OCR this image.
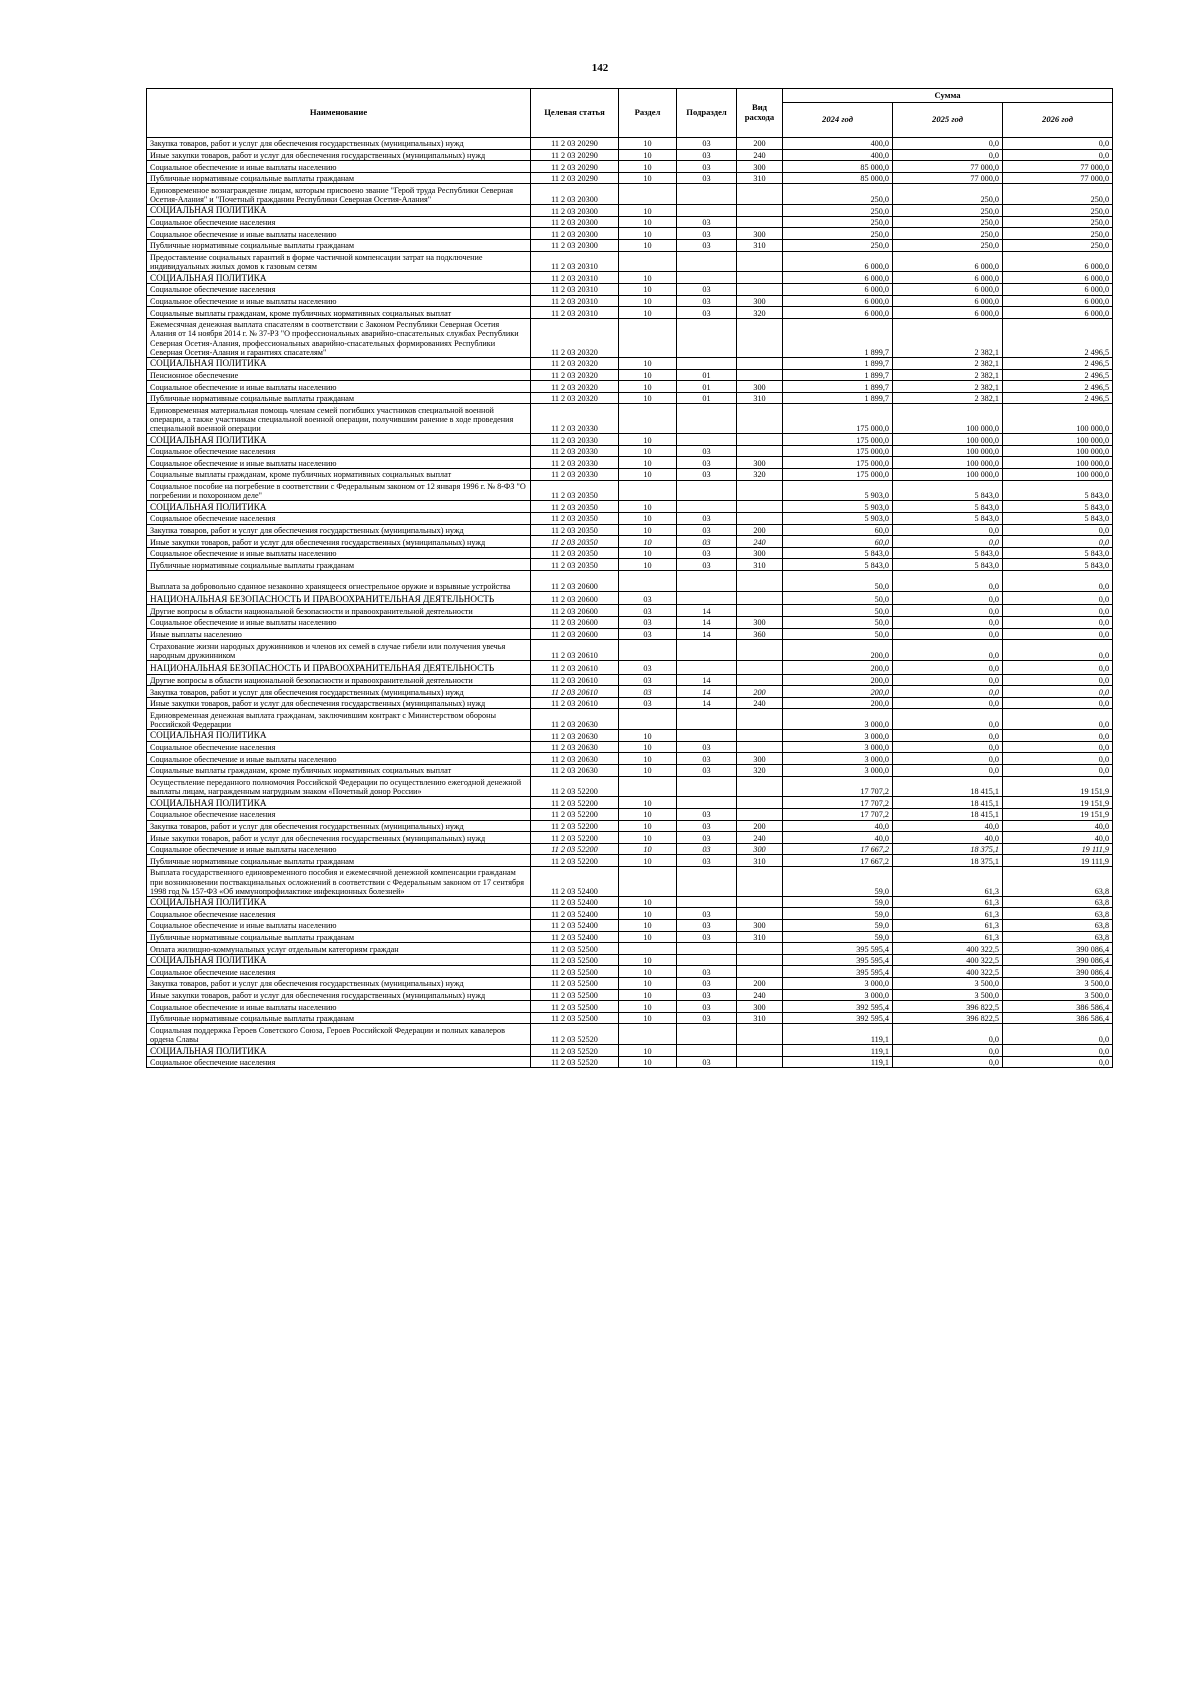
142
Наименование	Целевая статья	Раздел	Подраздел	Вид расхода	Сумма		
					2024 год	2025 год	2026 год
Закупка товаров, работ и услуг для обеспечения государственных (муниципальных) нужд	11 2 03 20290	10	03	200	400,0	0,0	0,0
Иные закупки товаров, работ и услуг для обеспечения государственных (муниципальных) нужд	11 2 03 20290	10	03	240	400,0	0,0	0,0
Социальное обеспечение и иные выплаты населению	11 2 03 20290	10	03	300	85 000,0	77 000,0	77 000,0
Публичные нормативные социальные выплаты гражданам	11 2 03 20290	10	03	310	85 000,0	77 000,0	77 000,0
Единовременное вознаграждение лицам, которым присвоено звание "Герой труда Республики Северная Осетия-Алания" и "Почетный гражданин Республики Северная Осетия-Алания"	11 2 03 20300				250,0	250,0	250,0
СОЦИАЛЬНАЯ ПОЛИТИКА	11 2 03 20300	10			250,0	250,0	250,0
Социальное обеспечение населения	11 2 03 20300	10	03		250,0	250,0	250,0
Социальное обеспечение и иные выплаты населению	11 2 03 20300	10	03	300	250,0	250,0	250,0
Публичные нормативные социальные выплаты гражданам	11 2 03 20300	10	03	310	250,0	250,0	250,0
Предоставление социальных гарантий в форме частичной компенсации затрат на подключение индивидуальных жилых домов к газовым сетям	11 2 03 20310				6 000,0	6 000,0	6 000,0
СОЦИАЛЬНАЯ ПОЛИТИКА	11 2 03 20310	10			6 000,0	6 000,0	6 000,0
Социальное обеспечение населения	11 2 03 20310	10	03		6 000,0	6 000,0	6 000,0
Социальное обеспечение и иные выплаты населению	11 2 03 20310	10	03	300	6 000,0	6 000,0	6 000,0
Социальные выплаты гражданам, кроме публичных нормативных социальных выплат	11 2 03 20310	10	03	320	6 000,0	6 000,0	6 000,0
Ежемесячная денежная выплата спасателям в соответствии с Законом Республики Северная Осетия Алания от 14 ноября 2014 г. № 37-РЗ "О профессиональных аварийно-спасательных службах Республики Северная Осетия-Алания, профессиональных аварийно-спасательных формированиях Республики Северная Осетия-Алания и гарантиях спасателям"	11 2 03 20320				1 899,7	2 382,1	2 496,5
СОЦИАЛЬНАЯ ПОЛИТИКА	11 2 03 20320	10			1 899,7	2 382,1	2 496,5
Пенсионное обеспечение	11 2 03 20320	10	01		1 899,7	2 382,1	2 496,5
Социальное обеспечение и иные выплаты населению	11 2 03 20320	10	01	300	1 899,7	2 382,1	2 496,5
Публичные нормативные социальные выплаты гражданам	11 2 03 20320	10	01	310	1 899,7	2 382,1	2 496,5
Единовременная материальная помощь членам семей погибших участников специальной военной операции, а также участникам специальной военной операции, получившим ранение в ходе проведения специальной военной операции	11 2 03 20330				175 000,0	100 000,0	100 000,0
СОЦИАЛЬНАЯ ПОЛИТИКА	11 2 03 20330	10			175 000,0	100 000,0	100 000,0
Социальное обеспечение населения	11 2 03 20330	10	03		175 000,0	100 000,0	100 000,0
Социальное обеспечение и иные выплаты населению	11 2 03 20330	10	03	300	175 000,0	100 000,0	100 000,0
Социальные выплаты гражданам, кроме публичных нормативных социальных выплат	11 2 03 20330	10	03	320	175 000,0	100 000,0	100 000,0
Социальное пособие на погребение в соответствии с Федеральным законом от 12 января 1996 г. № 8-ФЗ "О погребении и похоронном деле"	11 2 03 20350				5 903,0	5 843,0	5 843,0
СОЦИАЛЬНАЯ ПОЛИТИКА	11 2 03 20350	10			5 903,0	5 843,0	5 843,0
Социальное обеспечение населения	11 2 03 20350	10	03		5 903,0	5 843,0	5 843,0
Закупка товаров, работ и услуг для обеспечения государственных (муниципальных) нужд	11 2 03 20350	10	03	200	60,0	0,0	0,0
Иные закупки товаров, работ и услуг для обеспечения государственных (муниципальных) нужд	11 2 03 20350	10	03	240	60,0	0,0	0,0
Социальное обеспечение и иные выплаты населению	11 2 03 20350	10	03	300	5 843,0	5 843,0	5 843,0
Публичные нормативные социальные выплаты гражданам	11 2 03 20350	10	03	310	5 843,0	5 843,0	5 843,0
Выплата за добровольно сданное незаконно хранящееся огнестрельное оружие и взрывные устройства	11 2 03 20600				50,0	0,0	0,0
НАЦИОНАЛЬНАЯ БЕЗОПАСНОСТЬ И ПРАВООХРАНИТЕЛЬНАЯ ДЕЯТЕЛЬНОСТЬ	11 2 03 20600	03			50,0	0,0	0,0
Другие вопросы в области национальной безопасности и правоохранительной деятельности	11 2 03 20600	03	14		50,0	0,0	0,0
Социальное обеспечение и иные выплаты населению	11 2 03 20600	03	14	300	50,0	0,0	0,0
Иные выплаты населению	11 2 03 20600	03	14	360	50,0	0,0	0,0
Страхование жизни народных дружинников и членов их семей в случае гибели или получения увечья народным дружинником	11 2 03 20610				200,0	0,0	0,0
НАЦИОНАЛЬНАЯ БЕЗОПАСНОСТЬ И ПРАВООХРАНИТЕЛЬНАЯ ДЕЯТЕЛЬНОСТЬ	11 2 03 20610	03			200,0	0,0	0,0
Другие вопросы в области национальной безопасности и правоохранительной деятельности	11 2 03 20610	03	14		200,0	0,0	0,0
Закупка товаров, работ и услуг для обеспечения государственных (муниципальных) нужд	11 2 03 20610	03	14	200	200,0	0,0	0,0
Иные закупки товаров, работ и услуг для обеспечения государственных (муниципальных) нужд	11 2 03 20610	03	14	240	200,0	0,0	0,0
Единовременная денежная выплата гражданам, заключившим контракт с Министерством обороны Российской Федерации	11 2 03 20630				3 000,0	0,0	0,0
СОЦИАЛЬНАЯ ПОЛИТИКА	11 2 03 20630	10			3 000,0	0,0	0,0
Социальное обеспечение населения	11 2 03 20630	10	03		3 000,0	0,0	0,0
Социальное обеспечение и иные выплаты населению	11 2 03 20630	10	03	300	3 000,0	0,0	0,0
Социальные выплаты гражданам, кроме публичных нормативных социальных выплат	11 2 03 20630	10	03	320	3 000,0	0,0	0,0
Осуществление переданного полномочия Российской Федерации по осуществлению ежегодной денежной выплаты лицам, награжденным нагрудным знаком «Почетный донор России»	11 2 03 52200				17 707,2	18 415,1	19 151,9
СОЦИАЛЬНАЯ ПОЛИТИКА	11 2 03 52200	10			17 707,2	18 415,1	19 151,9
Социальное обеспечение населения	11 2 03 52200	10	03		17 707,2	18 415,1	19 151,9
Закупка товаров, работ и услуг для обеспечения государственных (муниципальных) нужд	11 2 03 52200	10	03	200	40,0	40,0	40,0
Иные закупки товаров, работ и услуг для обеспечения государственных (муниципальных) нужд	11 2 03 52200	10	03	240	40,0	40,0	40,0
Социальное обеспечение и иные выплаты населению	11 2 03 52200	10	03	300	17 667,2	18 375,1	19 111,9
Публичные нормативные социальные выплаты гражданам	11 2 03 52200	10	03	310	17 667,2	18 375,1	19 111,9
Выплата государственного единовременного пособия и ежемесячной денежной компенсации гражданам при возникновении поствакцинальных осложнений в соответствии с Федеральным законом от 17 сентября 1998 год № 157-ФЗ «Об иммунопрофилактике инфекционных болезней»	11 2 03 52400				59,0	61,3	63,8
СОЦИАЛЬНАЯ ПОЛИТИКА	11 2 03 52400	10			59,0	61,3	63,8
Социальное обеспечение населения	11 2 03 52400	10	03		59,0	61,3	63,8
Социальное обеспечение и иные выплаты населению	11 2 03 52400	10	03	300	59,0	61,3	63,8
Публичные нормативные социальные выплаты гражданам	11 2 03 52400	10	03	310	59,0	61,3	63,8
Оплата жилищно-коммунальных услуг отдельным категориям граждан	11 2 03 52500				395 595,4	400 322,5	390 086,4
СОЦИАЛЬНАЯ ПОЛИТИКА	11 2 03 52500	10			395 595,4	400 322,5	390 086,4
Социальное обеспечение населения	11 2 03 52500	10	03		395 595,4	400 322,5	390 086,4
Закупка товаров, работ и услуг для обеспечения государственных (муниципальных) нужд	11 2 03 52500	10	03	200	3 000,0	3 500,0	3 500,0
Иные закупки товаров, работ и услуг для обеспечения государственных (муниципальных) нужд	11 2 03 52500	10	03	240	3 000,0	3 500,0	3 500,0
Социальное обеспечение и иные выплаты населению	11 2 03 52500	10	03	300	392 595,4	396 822,5	386 586,4
Публичные нормативные социальные выплаты гражданам	11 2 03 52500	10	03	310	392 595,4	396 822,5	386 586,4
Социальная поддержка Героев Советского Союза, Героев Российской Федерации и полных кавалеров ордена Славы	11 2 03 52520				119,1	0,0	0,0
СОЦИАЛЬНАЯ ПОЛИТИКА	11 2 03 52520	10			119,1	0,0	0,0
Социальное обеспечение населения	11 2 03 52520	10	03		119,1	0,0	0,0
